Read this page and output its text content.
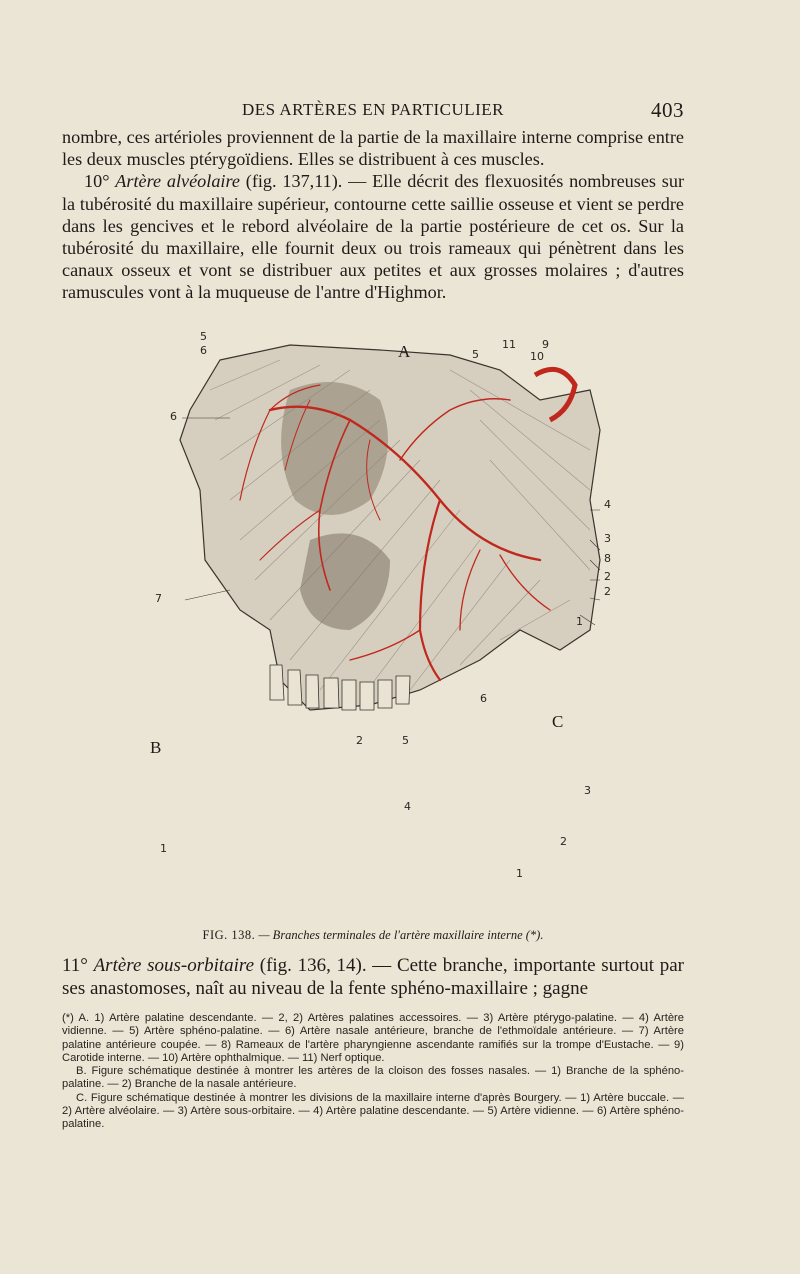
DES ARTÈRES EN PARTICULIER	403

nombre, ces artérioles proviennent de la partie de la maxillaire interne comprise entre les deux muscles ptérygoïdiens. Elles se distribuent à ces muscles.

10° Artère alvéolaire (fig. 137,11). — Elle décrit des flexuosités nombreuses sur la tubérosité du maxillaire supérieur, contourne cette saillie osseuse et vient se perdre dans les gencives et le rebord alvéolaire de la partie postérieure de cet os. Sur la tubérosité du maxillaire, elle fournit deux ou trois rameaux qui pénètrent dans les canaux osseux et vont se distribuer aux petites et aux grosses molaires ; d'autres ramuscules vont à la muqueuse de l'antre d'Highmor.

A
B
C
5
6
6
7
11 9
5	10
4
3
8
2
2
1
2
1
6
5
4
3
2
1
FIG. 138. — Branches terminales de l'artère maxillaire interne (*).

11° Artère sous-orbitaire (fig. 136, 14). — Cette branche, importante surtout par ses anastomoses, naît au niveau de la fente sphéno-maxillaire ; gagne

(*) A. 1) Artère palatine descendante. — 2, 2) Artères palatines accessoires. — 3) Artère ptérygo-palatine. — 4) Artère vidienne. — 5) Artère sphéno-palatine. — 6) Artère nasale antérieure, branche de l'ethmoïdale antérieure. — 7) Artère palatine antérieure coupée. — 8) Rameaux de l'artère pharyngienne ascendante ramifiés sur la trompe d'Eustache. — 9) Carotide interne. — 10) Artère ophthalmique. — 11) Nerf optique.

B. Figure schématique destinée à montrer les artères de la cloison des fosses nasales. — 1) Branche de la sphéno-palatine. — 2) Branche de la nasale antérieure.

C. Figure schématique destinée à montrer les divisions de la maxillaire interne d'après Bourgery. — 1) Artère buccale. — 2) Artère alvéolaire. — 3) Artère sous-orbitaire. — 4) Artère palatine descendante. — 5) Artère vidienne. — 6) Artère sphéno-palatine.
